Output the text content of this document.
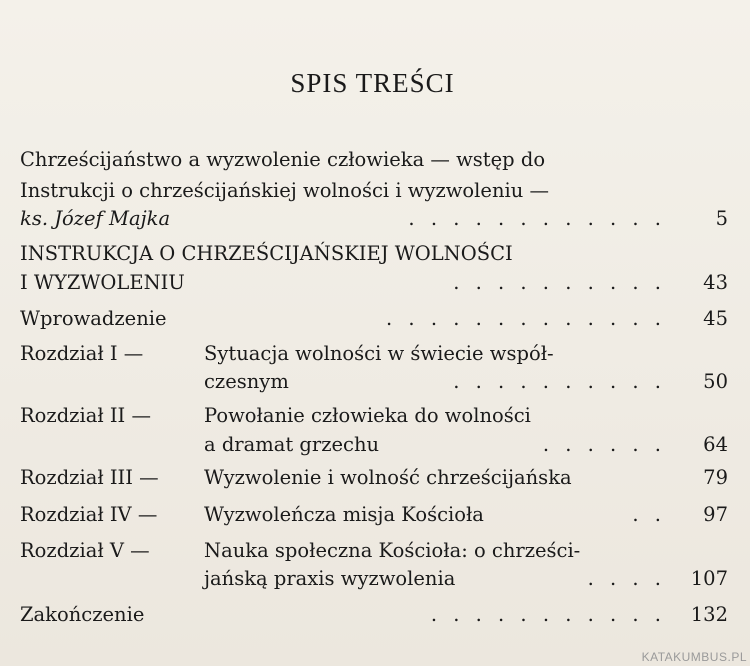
SPIS TREŚCI
Chrześcijaństwo a wyzwolenie człowieka — wstęp do
Instrukcji o chrześcijańskiej wolności i wyzwoleniu —
ks. Józef Majka	. . . . . . . . . . . .	5
INSTRUKCJA O CHRZEŚCIJAŃSKIEJ WOLNOŚCI
I WYZWOLENIU	. . . . . . . . . . 43
Wprowadzenie	. . . . . . . . . . . . . 45
Rozdział I —	Sytuacja wolności w świecie współ-
czesnym	. . . . . . . . . . 50
Rozdział II —	Powołanie człowieka do wolności
a dramat grzechu	. . . . . . 64
Rozdział III — Wyzwolenie i wolność chrześcijańska	79
Rozdział IV — Wyzwoleńcza misja Kościoła	. . 97
Rozdział V —	Nauka społeczna Kościoła: o chrześci-
jańską praxis wyzwolenia	. . . . 107
Zakończenie	. . . . . . . . . . . 132
KATAKUMBUS.PL
